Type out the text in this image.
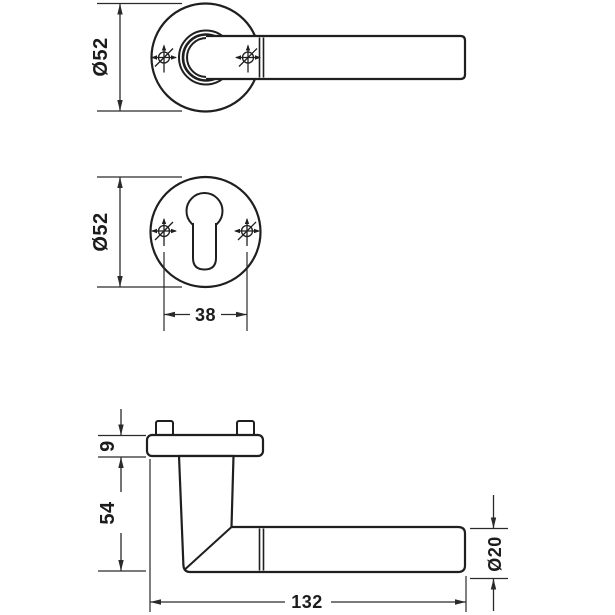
Ø52
Ø52
38
9
54
132
Ø20
